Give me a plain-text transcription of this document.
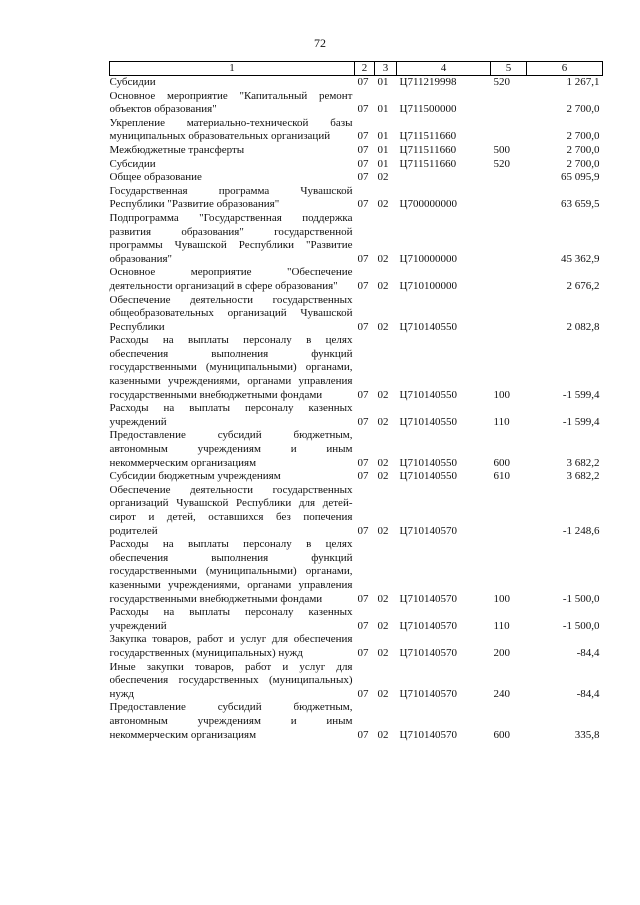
72
1	2	3	4	5	6

Субсидии	07	01	Ц711219998	520	1 267,1

Основное мероприятие "Капитальный ремонт объектов образования"	07	01	Ц711500000		2 700,0

Укрепление материально-технической базы муниципальных образовательных организаций	07	01	Ц711511660		2 700,0

Межбюджетные трансферты	07	01	Ц711511660	500	2 700,0

Субсидии	07	01	Ц711511660	520	2 700,0

Общее образование	07	02			65 095,9

Государственная программа Чувашской Республики "Развитие образования"	07	02	Ц700000000		63 659,5

Подпрограмма "Государственная поддержка развития образования" государственной программы Чувашской Республики "Развитие образования"	07	02	Ц710000000		45 362,9

Основное мероприятие "Обеспечение деятельности организаций в сфере образования"	07	02	Ц710100000		2 676,2

Обеспечение деятельности государственных общеобразовательных организаций Чувашской Республики	07	02	Ц710140550		2 082,8

Расходы на выплаты персоналу в целях обеспечения выполнения функций государственными (муниципальными) органами, казенными учреждениями, органами управления государственными внебюджетными фондами	07	02	Ц710140550	100	-1 599,4

Расходы на выплаты персоналу казенных учреждений	07	02	Ц710140550	110	-1 599,4

Предоставление субсидий бюджетным, автономным учреждениям и иным некоммерческим организациям	07	02	Ц710140550	600	3 682,2

Субсидии бюджетным учреждениям	07	02	Ц710140550	610	3 682,2

Обеспечение деятельности государственных организаций Чувашской Республики для детей-сирот и детей, оставшихся без попечения родителей	07	02	Ц710140570		-1 248,6

Расходы на выплаты персоналу в целях обеспечения выполнения функций государственными (муниципальными) органами, казенными учреждениями, органами управления государственными внебюджетными фондами	07	02	Ц710140570	100	-1 500,0

Расходы на выплаты персоналу казенных учреждений	07	02	Ц710140570	110	-1 500,0

Закупка товаров, работ и услуг для обеспечения государственных (муниципальных) нужд	07	02	Ц710140570	200	-84,4

Иные закупки товаров, работ и услуг для обеспечения государственных (муниципальных) нужд	07	02	Ц710140570	240	-84,4

Предоставление субсидий бюджетным, автономным учреждениям и иным некоммерческим организациям	07	02	Ц710140570	600	335,8
